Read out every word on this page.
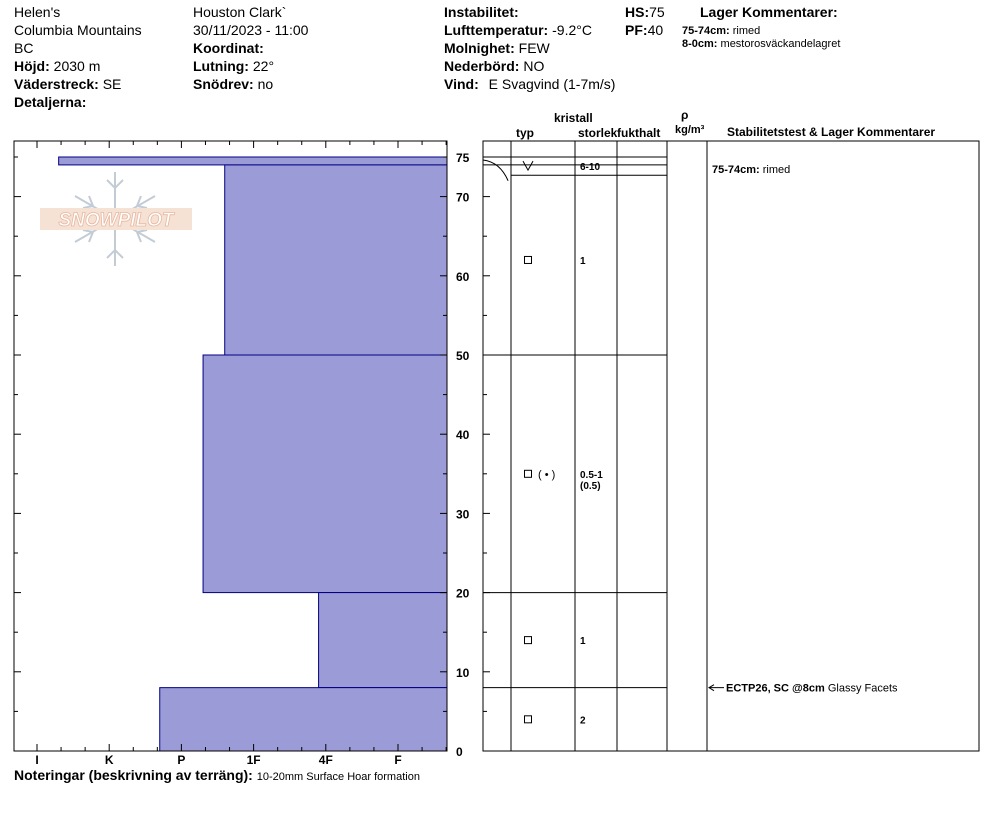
Helen's
Columbia Mountains
BC
Höjd: 2030 m
Väderstreck: SE
Detaljerna:
Houston Clark`
30/11/2023 - 11:00
Koordinat:
Lutning: 22°
Snödrev: no
Instabilitet:
Lufttemperatur: -9.2°C
Molnighet: FEW
Nederbörd: NO
Vind: E Svagvind (1-7m/s)
HS:75
PF:40
Lager Kommentarer:
75-74cm: rimed
8-0cm: mestorosväckandelagret
kristall
typ	storlek fukthalt
ρ
kg/m³ Stabilitetstest & Lager Kommentarer
SNOWPILOT
0
10
20
30
40
50
60
70
75
I	K	P	1F	4F	F
6-10
1
( • ) 0.5-1
(0.5)
1
2
75-74cm: rimed
ECTP26, SC @8cm Glassy Facets
Noteringar (beskrivning av terräng): 10-20mm Surface Hoar formation
